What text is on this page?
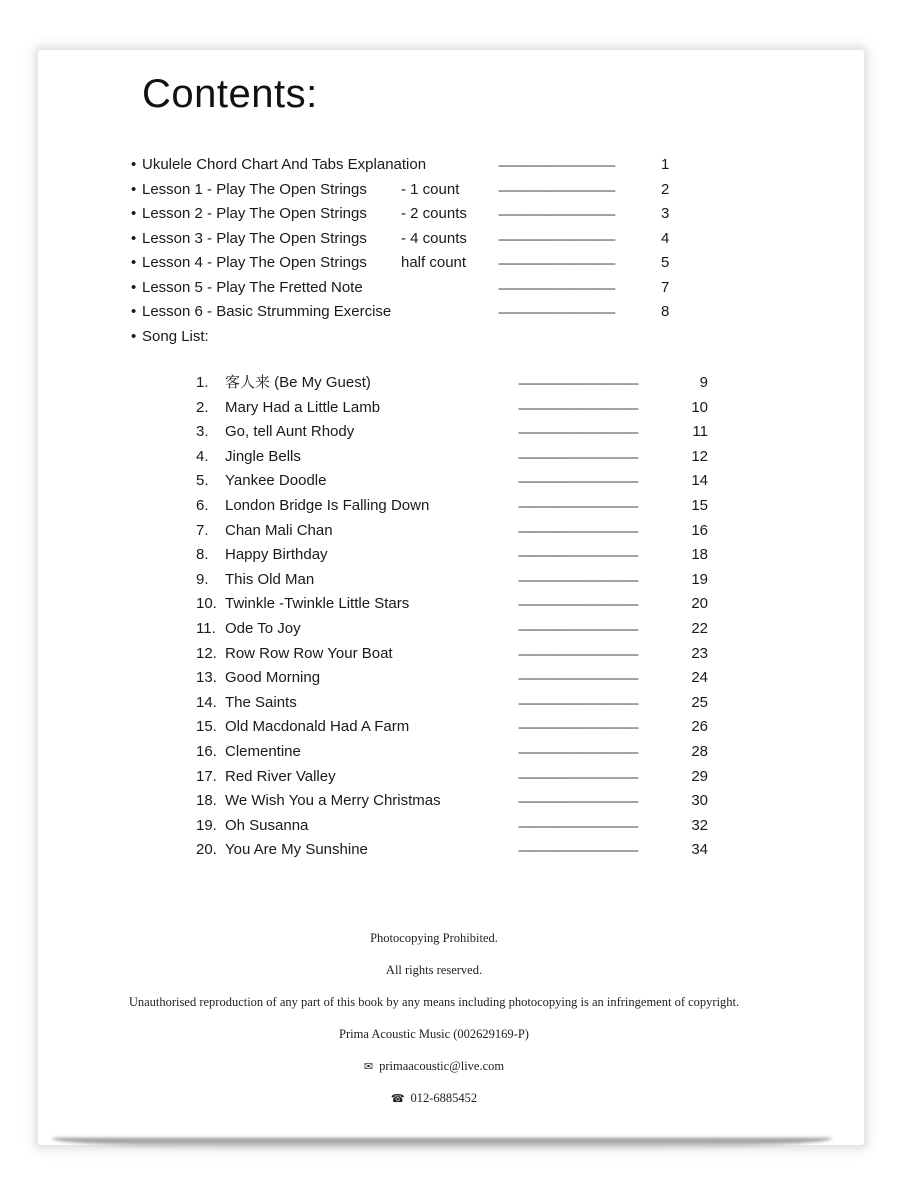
Contents:
• Ukulele Chord Chart And Tabs Explanation	---------------------------------------	1
• Lesson 1 - Play The Open Strings - 1 count	---------------------------------------	2
• Lesson 2 - Play The Open Strings - 2 counts	---------------------------------------	3
• Lesson 3 - Play The Open Strings - 4 counts	---------------------------------------	4
• Lesson 4 - Play The Open Strings half count	---------------------------------------	5
• Lesson 5 - Play The Fretted Note	---------------------------------------	7
• Lesson 6 - Basic Strumming Exercise	---------------------------------------	8
• Song List:
1. 客人来 (Be My Guest)	----------------------------------------	9
2. Mary Had a Little Lamb	----------------------------------------	10
3. Go, tell Aunt Rhody	----------------------------------------	11
4. Jingle Bells	----------------------------------------	12
5. Yankee Doodle	----------------------------------------	14
6. London Bridge Is Falling Down	----------------------------------------	15
7. Chan Mali Chan	----------------------------------------	16
8. Happy Birthday	----------------------------------------	18
9. This Old Man	----------------------------------------	19
10. Twinkle -Twinkle Little Stars	----------------------------------------	20
11. Ode To Joy	----------------------------------------	22
12. Row Row Row Your Boat	----------------------------------------	23
13. Good Morning	----------------------------------------	24
14. The Saints	----------------------------------------	25
15. Old Macdonald Had A Farm	----------------------------------------	26
16. Clementine	----------------------------------------	28
17. Red River Valley	----------------------------------------	29
18. We Wish You a Merry Christmas	----------------------------------------	30
19. Oh Susanna	----------------------------------------	32
20. You Are My Sunshine	----------------------------------------	34
Photocopying Prohibited.
All rights reserved.
Unauthorised reproduction of any part of this book by any means including photocopying is an infringement of copyright.
Prima Acoustic Music (002629169-P)
✉ primaacoustic@live.com
☎ 012-6885452
